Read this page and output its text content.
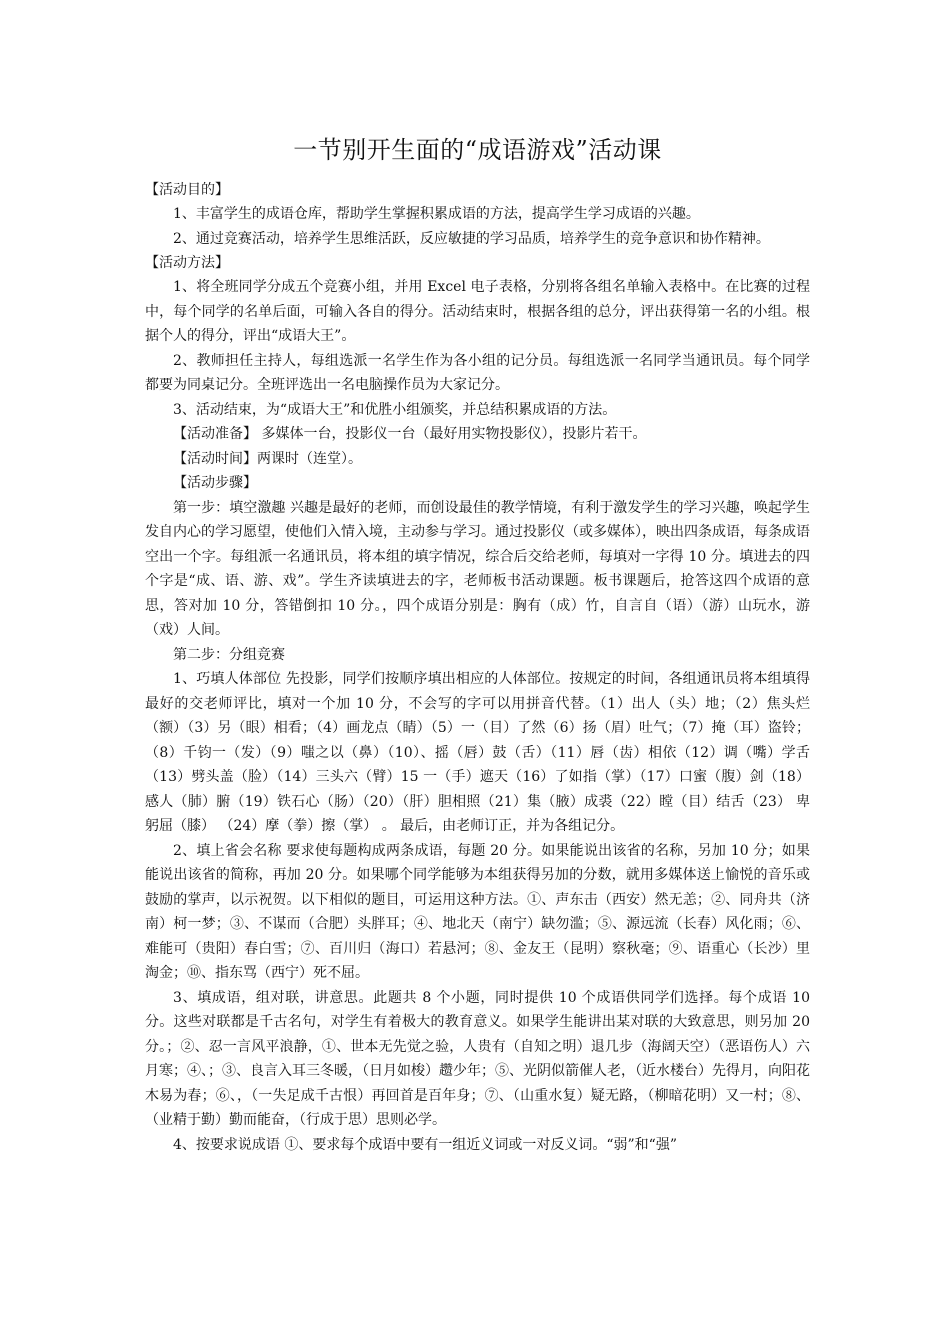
一节别开生面的“成语游戏”活动课

【活动目的】

1、丰富学生的成语仓库，帮助学生掌握积累成语的方法，提高学生学习成语的兴趣。

2、通过竞赛活动，培养学生思维活跃，反应敏捷的学习品质，培养学生的竞争意识和协作精神。

【活动方法】

1、将全班同学分成五个竞赛小组，并用 Excel 电子表格，分别将各组名单输入表格中。在比赛的过程中，每个同学的名单后面，可输入各自的得分。活动结束时，根据各组的总分，评出获得第一名的小组。根据个人的得分，评出“成语大王”。

2、教师担任主持人，每组选派一名学生作为各小组的记分员。每组选派一名同学当通讯员。每个同学都要为同桌记分。全班评选出一名电脑操作员为大家记分。

3、活动结束，为“成语大王”和优胜小组颁奖，并总结积累成语的方法。

【活动准备】 多媒体一台，投影仪一台（最好用实物投影仪），投影片若干。

【活动时间】两课时（连堂）。

【活动步骤】

第一步：填空激趣 兴趣是最好的老师，而创设最佳的教学情境，有利于激发学生的学习兴趣，唤起学生发自内心的学习愿望，使他们入情入境，主动参与学习。通过投影仪（或多媒体），映出四条成语，每条成语空出一个字。每组派一名通讯员，将本组的填字情况，综合后交给老师，每填对一字得 10 分。填进去的四个字是“成、语、游、戏”。学生齐读填进去的字，老师板书活动课题。板书课题后，抢答这四个成语的意思，答对加 10 分，答错倒扣 10 分。，四个成语分别是：胸有（成）竹，自言自（语）（游）山玩水，游（戏）人间。

第二步：分组竞赛

1、巧填人体部位 先投影，同学们按顺序填出相应的人体部位。按规定的时间，各组通讯员将本组填得最好的交老师评比，填对一个加 10 分，不会写的字可以用拼音代替。（1）出人（头）地；（2）焦头烂（额）（3）另（眼）相看；（4）画龙点（睛）（5）一（目）了然（6）扬（眉）吐气；（7）掩（耳）盗铃；（8）千钧一（发）（9）嗤之以（鼻）（10）、摇（唇）鼓（舌）（11）唇（齿）相依（12）调（嘴）学舌（13）劈头盖（脸）（14）三头六（臂）15 一（手）遮天（16）了如指（掌）（17）口蜜（腹）剑（18）感人（肺）腑（19）铁石心（肠）（20）（肝）胆相照（21）集（腋）成裘（22）瞠（目）结舌（23） 卑躬屈（膝） （24）摩（拳）擦（掌） 。 最后，由老师订正，并为各组记分。

2、填上省会名称 要求使每题构成两条成语，每题 20 分。如果能说出该省的名称，另加 10 分；如果能说出该省的简称，再加 20 分。如果哪个同学能够为本组获得另加的分数，就用多媒体送上愉悦的音乐或鼓励的掌声，以示祝贺。以下相似的题目，可运用这种方法。①、声东击（西安）然无恙；②、同舟共（济南）柯一梦；③、不谋而（合肥）头胖耳；④、地北天（南宁）缺勿滥；⑤、源远流（长春）风化雨；⑥、难能可（贵阳）春白雪；⑦、百川归（海口）若悬河；⑧、金友王（昆明）察秋毫；⑨、语重心（长沙）里淘金；⑩、指东骂（西宁）死不屈。

3、填成语，组对联，讲意思。此题共 8 个小题，同时提供 10 个成语供同学们选择。每个成语 10 分。这些对联都是千古名句，对学生有着极大的教育意义。如果学生能讲出某对联的大致意思，则另加 20 分。；②、忍一言风平浪静，①、世本无先觉之验，人贵有（自知之明）退几步（海阔天空）（恶语伤人）六月寒；④、；③、良言入耳三冬暖，（日月如梭）趱少年；⑤、光阴似箭催人老，（近水楼台）先得月，向阳花木易为春；⑥、，（一失足成千古恨）再回首是百年身；⑦、（山重水复）疑无路，（柳暗花明）又一村；⑧、（业精于勤）勤而能奋，（行成于思）思则必学。

4、按要求说成语 ①、要求每个成语中要有一组近义词或一对反义词。“弱”和“强”
